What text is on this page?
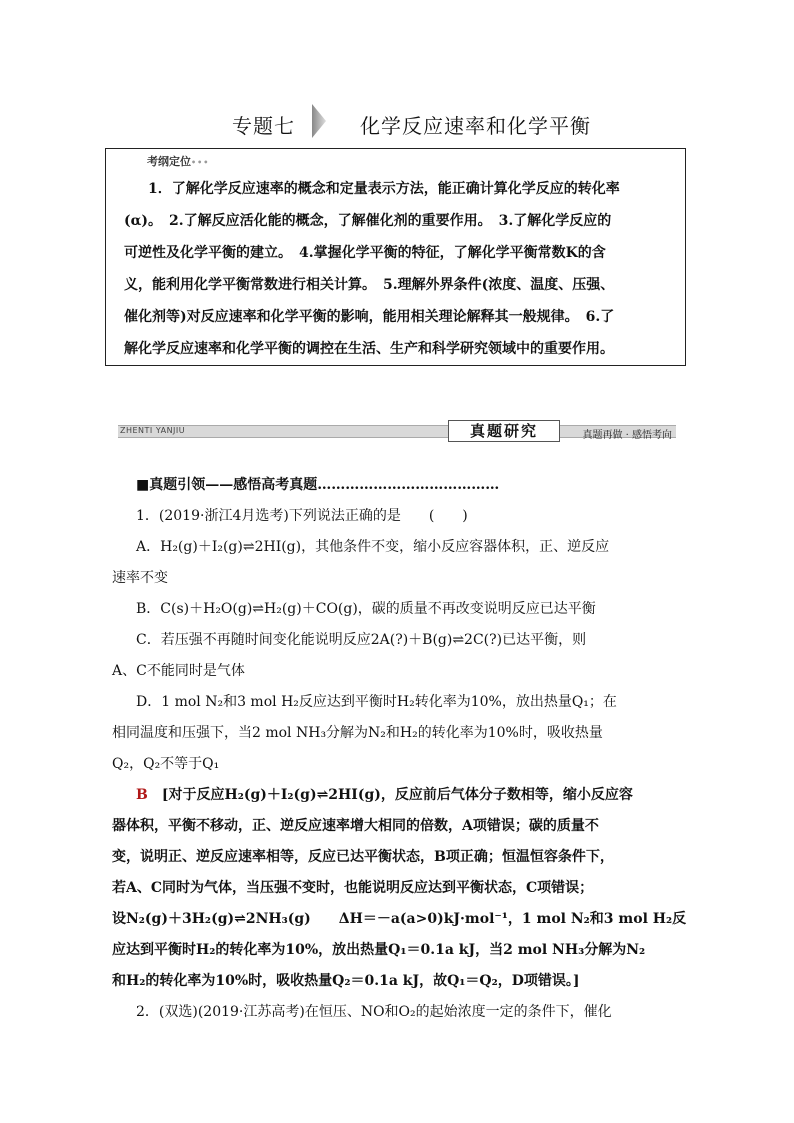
专题七	化学反应速率和化学平衡
考纲定位•••
1．了解化学反应速率的概念和定量表示方法，能正确计算化学反应的转化率
(α)。　2.了解反应活化能的概念，了解催化剂的重要作用。　3.了解化学反应的
可逆性及化学平衡的建立。　4.掌握化学平衡的特征，了解化学平衡常数K的含
义，能利用化学平衡常数进行相关计算。　5.理解外界条件(浓度、温度、压强、
催化剂等)对反应速率和化学平衡的影响，能用相关理论解释其一般规律。　6.了
解化学反应速率和化学平衡的调控在生活、生产和科学研究领域中的重要作用。
ZHENTI YANJIU	真题研究	真题再做 · 感悟考向
■真题引领——感悟高考真题…………………………………
1．(2019·浙江4月选考)下列说法正确的是　　(　　)
A．H₂(g)＋I₂(g)⇌2HI(g)，其他条件不变，缩小反应容器体积，正、逆反应
速率不变
B．C(s)＋H₂O(g)⇌H₂(g)＋CO(g)，碳的质量不再改变说明反应已达平衡
C．若压强不再随时间变化能说明反应2A(?)＋B(g)⇌2C(?)已达平衡，则
A、C不能同时是气体
D．1 mol N₂和3 mol H₂反应达到平衡时H₂转化率为10%，放出热量Q₁；在
相同温度和压强下，当2 mol NH₃分解为N₂和H₂的转化率为10%时，吸收热量
Q₂，Q₂不等于Q₁
B　 [对于反应H₂(g)＋I₂(g)⇌2HI(g)，反应前后气体分子数相等，缩小反应容
器体积，平衡不移动，正、逆反应速率增大相同的倍数，A项错误；碳的质量不
变，说明正、逆反应速率相等，反应已达平衡状态，B项正确；恒温恒容条件下，
若A、C同时为气体，当压强不变时，也能说明反应达到平衡状态，C项错误；
设N₂(g)＋3H₂(g)⇌2NH₃(g)　　ΔH＝－a(a>0)kJ·mol⁻¹，1 mol N₂和3 mol H₂反
应达到平衡时H₂的转化率为10%，放出热量Q₁＝0.1a kJ，当2 mol NH₃分解为N₂
和H₂的转化率为10%时，吸收热量Q₂＝0.1a kJ，故Q₁＝Q₂，D项错误。]
2．(双选)(2019·江苏高考)在恒压、NO和O₂的起始浓度一定的条件下，催化
